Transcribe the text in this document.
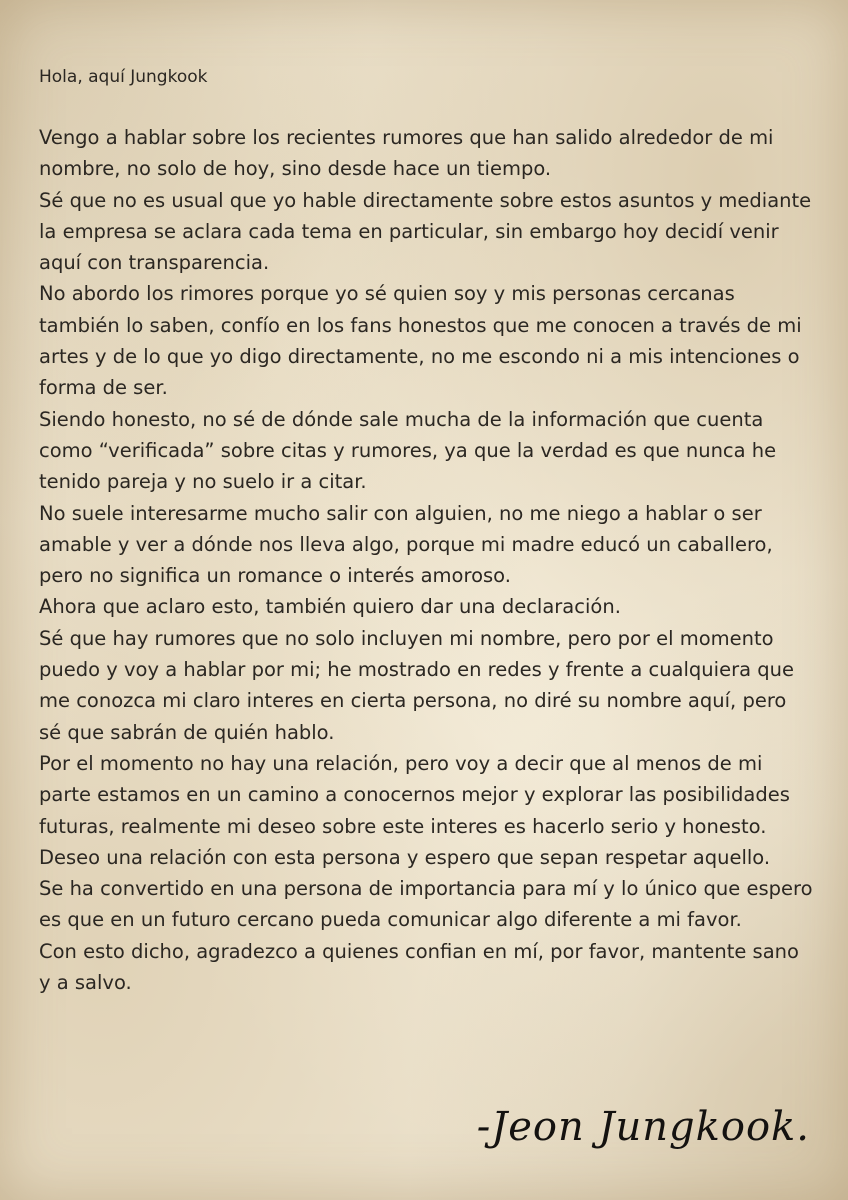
Hola, aquí Jungkook

Vengo a hablar sobre los recientes rumores que han salido alrededor de mi nombre, no solo de hoy, sino desde hace un tiempo.

Sé que no es usual que yo hable directamente sobre estos asuntos y mediante la empresa se aclara cada tema en particular, sin embargo hoy decidí venir aquí con transparencia.

No abordo los rimores porque yo sé quien soy y mis personas cercanas también lo saben, confío en los fans honestos que me conocen a través de mi artes y de lo que yo digo directamente, no me escondo ni a mis intenciones o forma de ser.

Siendo honesto, no sé de dónde sale mucha de la información que cuenta como “verificada” sobre citas y rumores, ya que la verdad es que nunca he tenido pareja y no suelo ir a citar.

No suele interesarme mucho salir con alguien, no me niego a hablar o ser amable y ver a dónde nos lleva algo, porque mi madre educó un caballero, pero no significa un romance o interés amoroso.

Ahora que aclaro esto, también quiero dar una declaración.

Sé que hay rumores que no solo incluyen mi nombre, pero por el momento puedo y voy a hablar por mi; he mostrado en redes y frente a cualquiera que me conozca mi claro interes en cierta persona, no diré su nombre aquí, pero sé que sabrán de quién hablo.

Por el momento no hay una relación, pero voy a decir que al menos de mi parte estamos en un camino a conocernos mejor y explorar las posibilidades futuras, realmente mi deseo sobre este interes es hacerlo serio y honesto. Deseo una relación con esta persona y espero que sepan respetar aquello.

Se ha convertido en una persona de importancia para mí y lo único que espero es que en un futuro cercano pueda comunicar algo diferente a mi favor.

Con esto dicho, agradezco a quienes confian en mí, por favor, mantente sano y a salvo.

-Jeon Jungkook.
